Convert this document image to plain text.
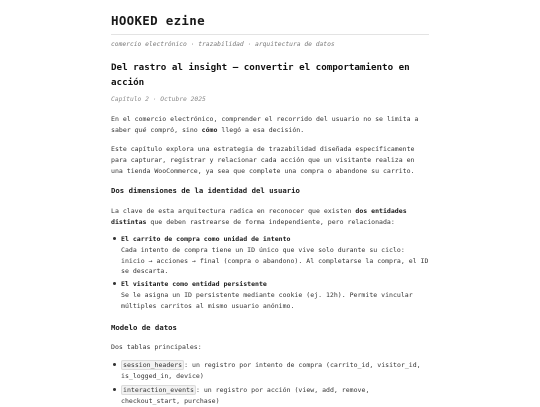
HOOKED ezine
comercio electrónico · trazabilidad · arquitectura de datos
Del rastro al insight — convertir el comportamiento en acción
Capítulo 2 · Octubre 2025

En el comercio electrónico, comprender el recorrido del usuario no se limita a saber qué compró, sino cómo llegó a esa decisión.

Este capítulo explora una estrategia de trazabilidad diseñada específicamente para capturar, registrar y relacionar cada acción que un visitante realiza en una tienda WooCommerce, ya sea que complete una compra o abandone su carrito.

Dos dimensiones de la identidad del usuario

La clave de esta arquitectura radica en reconocer que existen dos entidades distintas que deben rastrearse de forma independiente, pero relacionada:

El carrito de compra como unidad de intento
Cada intento de compra tiene un ID único que vive solo durante su ciclo: inicio → acciones → final (compra o abandono). Al completarse la compra, el ID se descarta.
El visitante como entidad persistente
Se le asigna un ID persistente mediante cookie (ej. 12h). Permite vincular múltiples carritos al mismo usuario anónimo.
Modelo de datos

Dos tablas principales:

session_headers : un registro por intento de compra (carrito_id, visitor_id, is_logged_in, device)
interaction_events : un registro por acción (view, add, remove, checkout_start, purchase)
